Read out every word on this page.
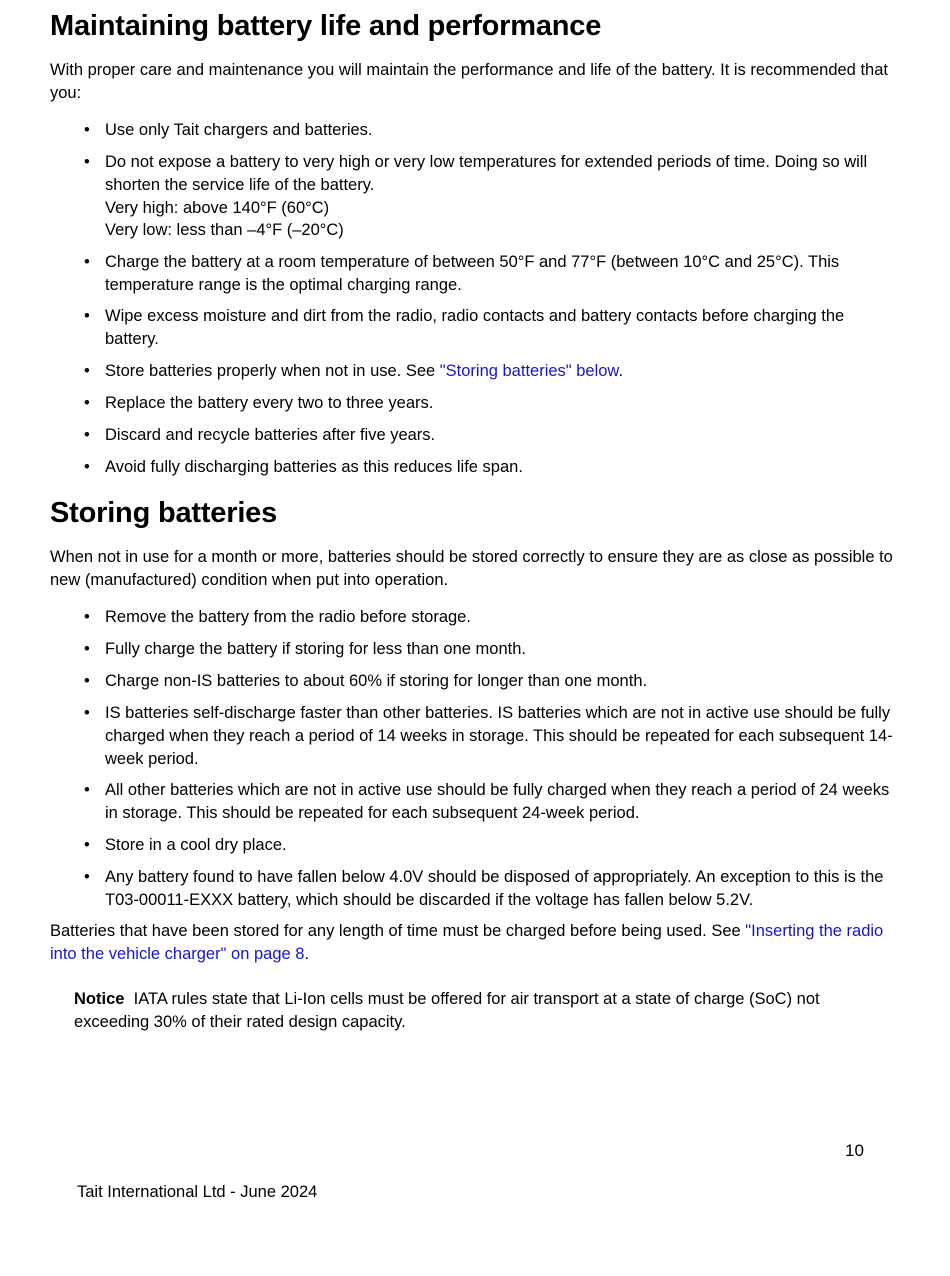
Maintaining battery life and performance

With proper care and maintenance you will maintain the performance and life of the battery. It is recommended that you:

• Use only Tait chargers and batteries.
• Do not expose a battery to very high or very low temperatures for extended periods of time. Doing so will shorten the service life of the battery.
Very high: above 140°F (60°C)
Very low: less than –4°F (–20°C)
• Charge the battery at a room temperature of between 50°F and 77°F (between 10°C and 25°C). This temperature range is the optimal charging range.
• Wipe excess moisture and dirt from the radio, radio contacts and battery contacts before charging the battery.
• Store batteries properly when not in use. See "Storing batteries" below.
• Replace the battery every two to three years.
• Discard and recycle batteries after five years.
• Avoid fully discharging batteries as this reduces life span.
Storing batteries

When not in use for a month or more, batteries should be stored correctly to ensure they are as close as possible to new (manufactured) condition when put into operation.

• Remove the battery from the radio before storage.
• Fully charge the battery if storing for less than one month.
• Charge non-IS batteries to about 60% if storing for longer than one month.
• IS batteries self-discharge faster than other batteries. IS batteries which are not in active use should be fully charged when they reach a period of 14 weeks in storage. This should be repeated for each subsequent 14-week period.
• All other batteries which are not in active use should be fully charged when they reach a period of 24 weeks in storage. This should be repeated for each subsequent 24-week period.
• Store in a cool dry place.
• Any battery found to have fallen below 4.0V should be disposed of appropriately. An exception to this is the T03-00011-EXXX battery, which should be discarded if the voltage has fallen below 5.2V.

Batteries that have been stored for any length of time must be charged before being used. See "Inserting the radio into the vehicle charger" on page 8.

Notice IATA rules state that Li-Ion cells must be offered for air transport at a state of charge (SoC) not exceeding 30% of their rated design capacity.
10
Tait International Ltd - June 2024
